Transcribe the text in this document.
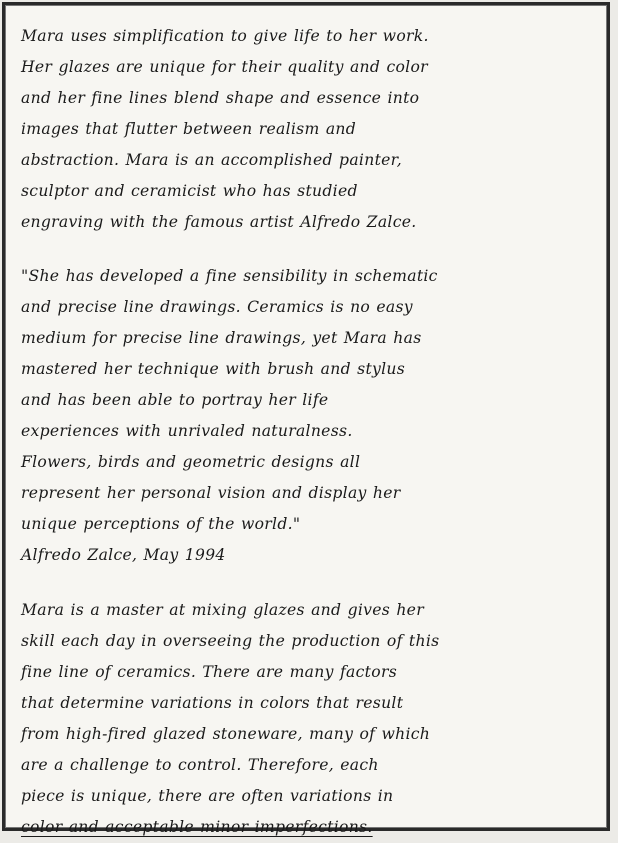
Mara uses simplification to give life to her work.
Her glazes are unique for their quality and color
and her fine lines blend shape and essence into
images that flutter between realism and
abstraction. Mara is an accomplished painter,
sculptor and ceramicist who has studied
engraving with the famous artist Alfredo Zalce.
"She has developed a fine sensibility in schematic
and precise line drawings. Ceramics is no easy
medium for precise line drawings, yet Mara has
mastered her technique with brush and stylus
and has been able to portray her life
experiences with unrivaled naturalness.
Flowers, birds and geometric designs all
represent her personal vision and display her
unique perceptions of the world."
Alfredo Zalce, May 1994
Mara is a master at mixing glazes and gives her
skill each day in overseeing the production of this
fine line of ceramics. There are many factors
that determine variations in colors that result
from high-fired glazed stoneware, many of which
are a challenge to control. Therefore, each
piece is unique, there are often variations in
color and acceptable minor imperfections.
